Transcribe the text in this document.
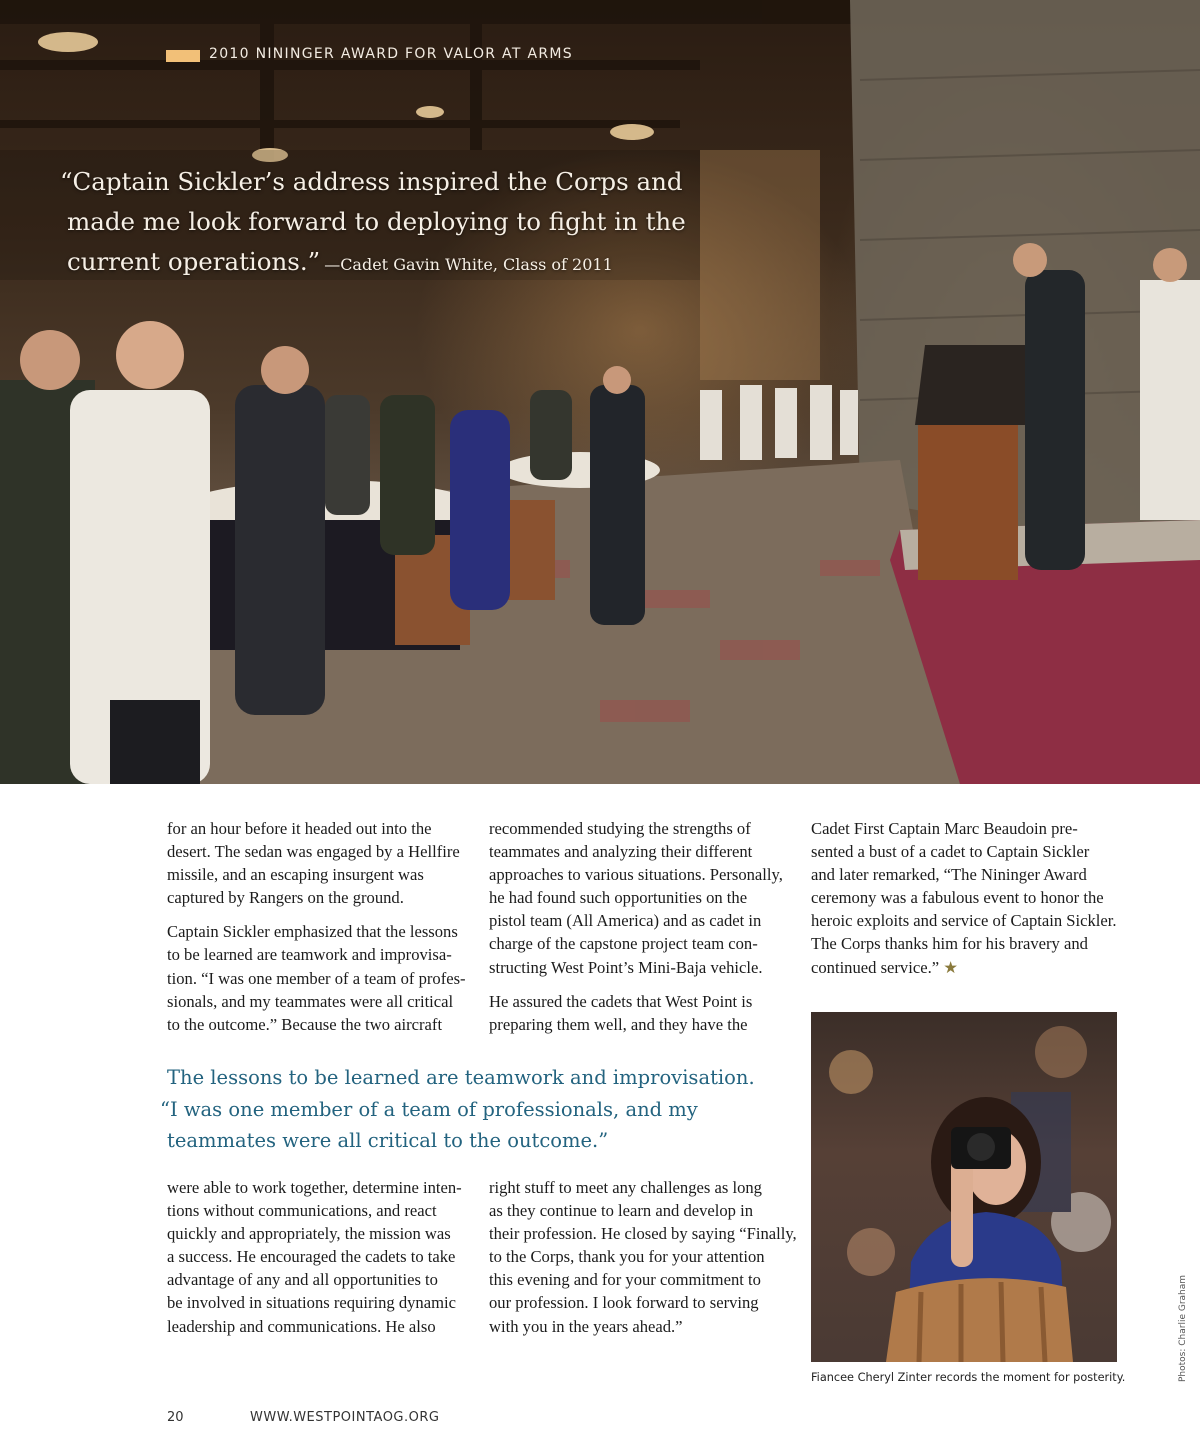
2010 NININGER AWARD FOR VALOR AT ARMS
“Captain Sickler’s address inspired the Corps and
made me look forward to deploying to fight in the
current operations.” —Cadet Gavin White, Class of 2011

for an hour before it headed out into the
desert. The sedan was engaged by a Hellfire
missile, and an escaping insurgent was
captured by Rangers on the ground.

Captain Sickler emphasized that the lessons
to be learned are teamwork and improvisa-
tion. “I was one member of a team of profes-
sionals, and my teammates were all critical
to the outcome.” Because the two aircraft

recommended studying the strengths of
teammates and analyzing their different
approaches to various situations. Personally,
he had found such opportunities on the
pistol team (All America) and as cadet in
charge of the capstone project team con-
structing West Point’s Mini-Baja vehicle.

He assured the cadets that West Point is
preparing them well, and they have the

Cadet First Captain Marc Beaudoin pre-
sented a bust of a cadet to Captain Sickler
and later remarked, “The Nininger Award
ceremony was a fabulous event to honor the
heroic exploits and service of Captain Sickler.
The Corps thanks him for his bravery and
continued service.” ★

The lessons to be learned are teamwork and improvisation.
“I was one member of a team of professionals, and my
teammates were all critical to the outcome.”

were able to work together, determine inten-
tions without communications, and react
quickly and appropriately, the mission was
a success. He encouraged the cadets to take
advantage of any and all opportunities to
be involved in situations requiring dynamic
leadership and communications. He also

right stuff to meet any challenges as long
as they continue to learn and develop in
their profession. He closed by saying “Finally,
to the Corps, thank you for your attention
this evening and for your commitment to
our profession. I look forward to serving
with you in the years ahead.”

Fiancee Cheryl Zinter records the moment for posterity.	Photos: Charlie Graham
20	WWW.WESTPOINTAOG.ORG
